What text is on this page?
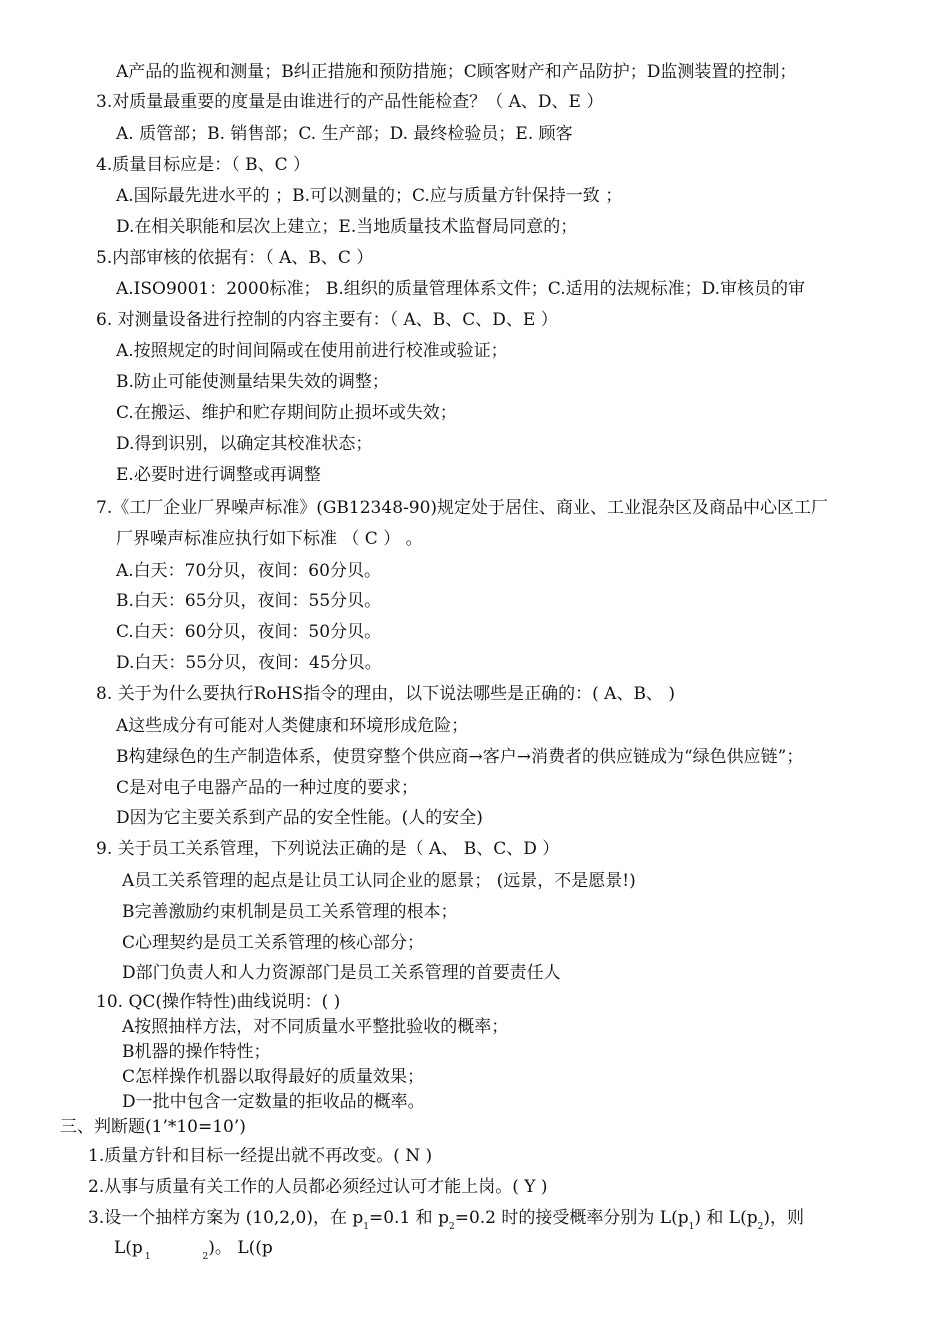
A产品的监视和测量；B纠正措施和预防措施；C顾客财产和产品防护；D监测装置的控制；
3.对质量最重要的度量是由谁进行的产品性能检查？（ A、D、E ）
A. 质管部；B. 销售部；C. 生产部；D. 最终检验员；E. 顾客
4.质量目标应是：（ B、C ）
A.国际最先进水平的 ；B.可以测量的；C.应与质量方针保持一致 ；
D.在相关职能和层次上建立；E.当地质量技术监督局同意的；
5.内部审核的依据有：（ A、B、C ）
A.ISO9001：2000标准； B.组织的质量管理体系文件；C.适用的法规标准；D.审核员的审
6. 对测量设备进行控制的内容主要有：（ A、B、C、D、E ）
A.按照规定的时间间隔或在使用前进行校准或验证；
B.防止可能使测量结果失效的调整；
C.在搬运、维护和贮存期间防止损坏或失效；
D.得到识别，以确定其校准状态；
E.必要时进行调整或再调整
7.《工厂企业厂界噪声标准》(GB12348-90)规定处于居住、商业、工业混杂区及商品中心区工厂
厂界噪声标准应执行如下标准 （ C ） 。
A.白天：70分贝，夜间：60分贝。
B.白天：65分贝，夜间：55分贝。
C.白天：60分贝，夜间：50分贝。
D.白天：55分贝，夜间：45分贝。
8. 关于为什么要执行RoHS指令的理由，以下说法哪些是正确的：( A、B、 )
A这些成分有可能对人类健康和环境形成危险；
B构建绿色的生产制造体系，使贯穿整个供应商→客户→消费者的供应链成为“绿色供应链”；
C是对电子电器产品的一种过度的要求；
D因为它主要关系到产品的安全性能。(人的安全)
9. 关于员工关系管理，下列说法正确的是（ A、 B、C、D ）
A员工关系管理的起点是让员工认同企业的愿景； (远景，不是愿景!)
B完善激励约束机制是员工关系管理的根本；
C心理契约是员工关系管理的核心部分；
D部门负责人和人力资源部门是员工关系管理的首要责任人
10. QC(操作特性)曲线说明：( )
A按照抽样方法，对不同质量水平整批验收的概率；
B机器的操作特性；
C怎样操作机器以取得最好的质量效果；
D一批中包含一定数量的拒收品的概率。
三、判断题(1’*10=10’)
1.质量方针和目标一经提出就不再改变。( N )
2.从事与质量有关工作的人员都必须经过认可才能上岗。( Y )
3.设一个抽样方案为 (10,2,0)，在 $p_1=0.1$ 和 $p_2=0.2$ 时的接受概率分别为 $L(p_1)$ 和 $L(p_2)$，则
L(p $_1$	$_2$)。 L((p
